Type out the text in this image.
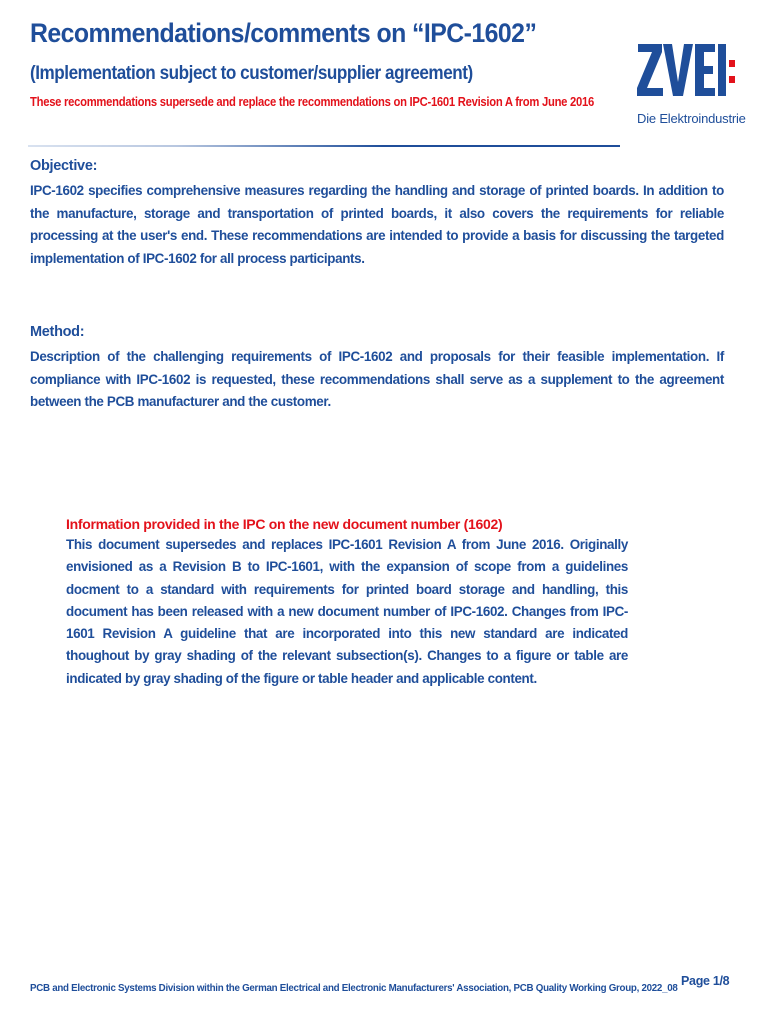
Recommendations/comments on “IPC-1602”
(Implementation subject to customer/supplier agreement)
These recommendations supersede and replace the recommendations on IPC-1601 Revision A from June 2016
Die Elektroindustrie

Objective:

IPC-1602 specifies comprehensive measures regarding the handling and storage of printed boards. In addition to the manufacture, storage and transportation of printed boards, it also covers the requirements for reliable processing at the user's end. These recommendations are intended to provide a basis for discussing the targeted implementation of IPC-1602 for all process participants.

Method:

Description of the challenging requirements of IPC-1602 and proposals for their feasible implementation. If compliance with IPC-1602 is requested, these recommendations shall serve as a supplement to the agreement between the PCB manufacturer and the customer.

Information provided in the IPC on the new document number (1602)

This document supersedes and replaces IPC-1601 Revision A from June 2016. Originally envisioned as a Revision B to IPC-1601, with the expansion of scope from a guidelines docment to a standard with requirements for printed board storage and handling, this document has been released with a new document number of IPC-1602. Changes from IPC-1601 Revision A guideline that are incorporated into this new standard are indicated thoughout by gray shading of the relevant subsection(s). Changes to a figure or table are indicated by gray shading of the figure or table header and applicable content.

PCB and Electronic Systems Division within the German Electrical and Electronic Manufacturers' Association, PCB Quality Working Group, 2022_08 Page 1/8
